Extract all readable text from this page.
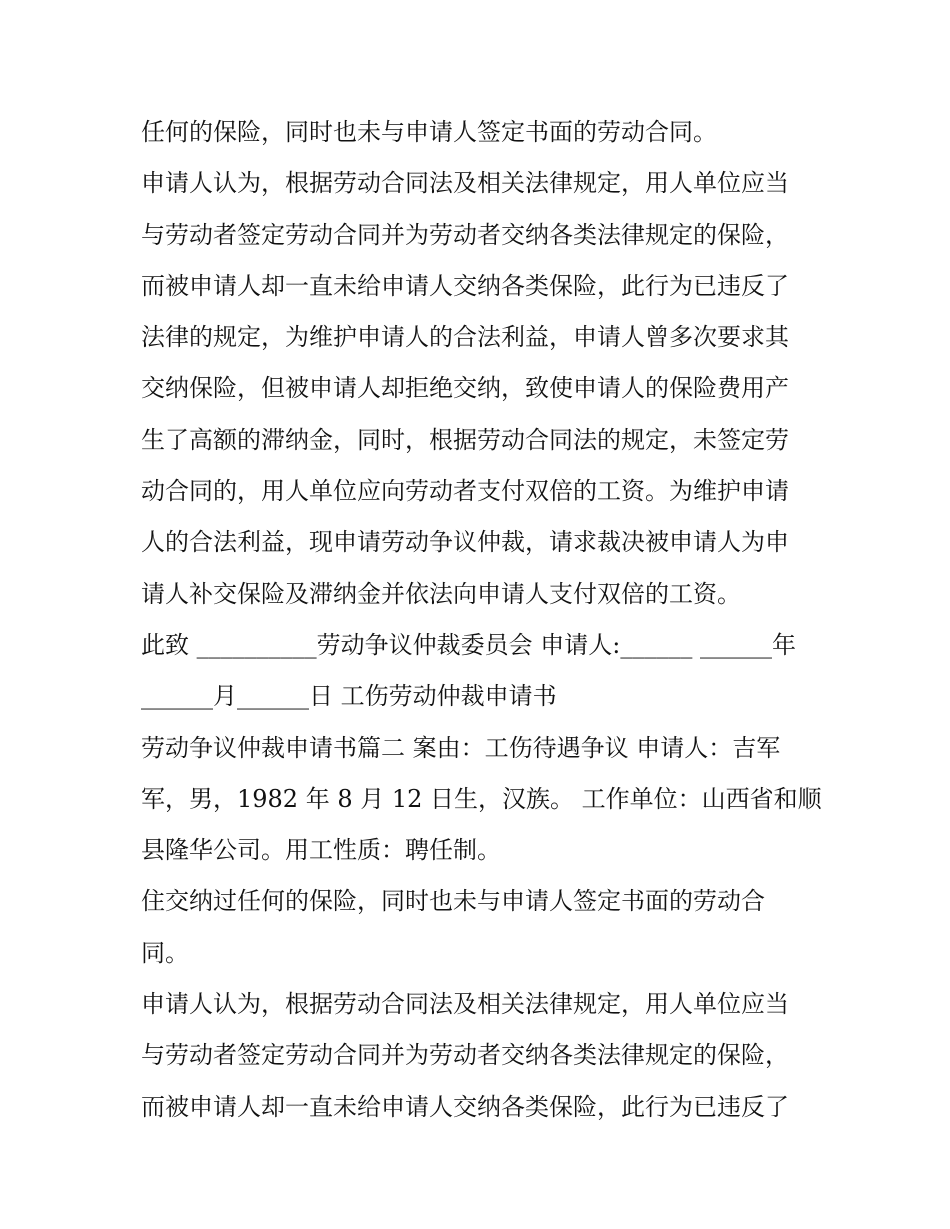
任何的保险，同时也未与申请人签定书面的劳动合同。
申请人认为，根据劳动合同法及相关法律规定，用人单位应当
与劳动者签定劳动合同并为劳动者交纳各类法律规定的保险，
而被申请人却一直未给申请人交纳各类保险，此行为已违反了
法律的规定，为维护申请人的合法利益，申请人曾多次要求其
交纳保险，但被申请人却拒绝交纳，致使申请人的保险费用产
生了高额的滞纳金，同时，根据劳动合同法的规定，未签定劳
动合同的，用人单位应向劳动者支付双倍的工资。为维护申请
人的合法利益，现申请劳动争议仲裁，请求裁决被申请人为申
请人补交保险及滞纳金并依法向申请人支付双倍的工资。
此致 __________劳动争议仲裁委员会 申请人:______ ______年
______月______日 工伤劳动仲裁申请书
劳动争议仲裁申请书篇二 案由：工伤待遇争议 申请人：吉军
军，男，1982 年 8 月 12 日生，汉族。 工作单位：山西省和顺
县隆华公司。用工性质：聘任制。
住交纳过任何的保险，同时也未与申请人签定书面的劳动合
同。
申请人认为，根据劳动合同法及相关法律规定，用人单位应当
与劳动者签定劳动合同并为劳动者交纳各类法律规定的保险，
而被申请人却一直未给申请人交纳各类保险，此行为已违反了
